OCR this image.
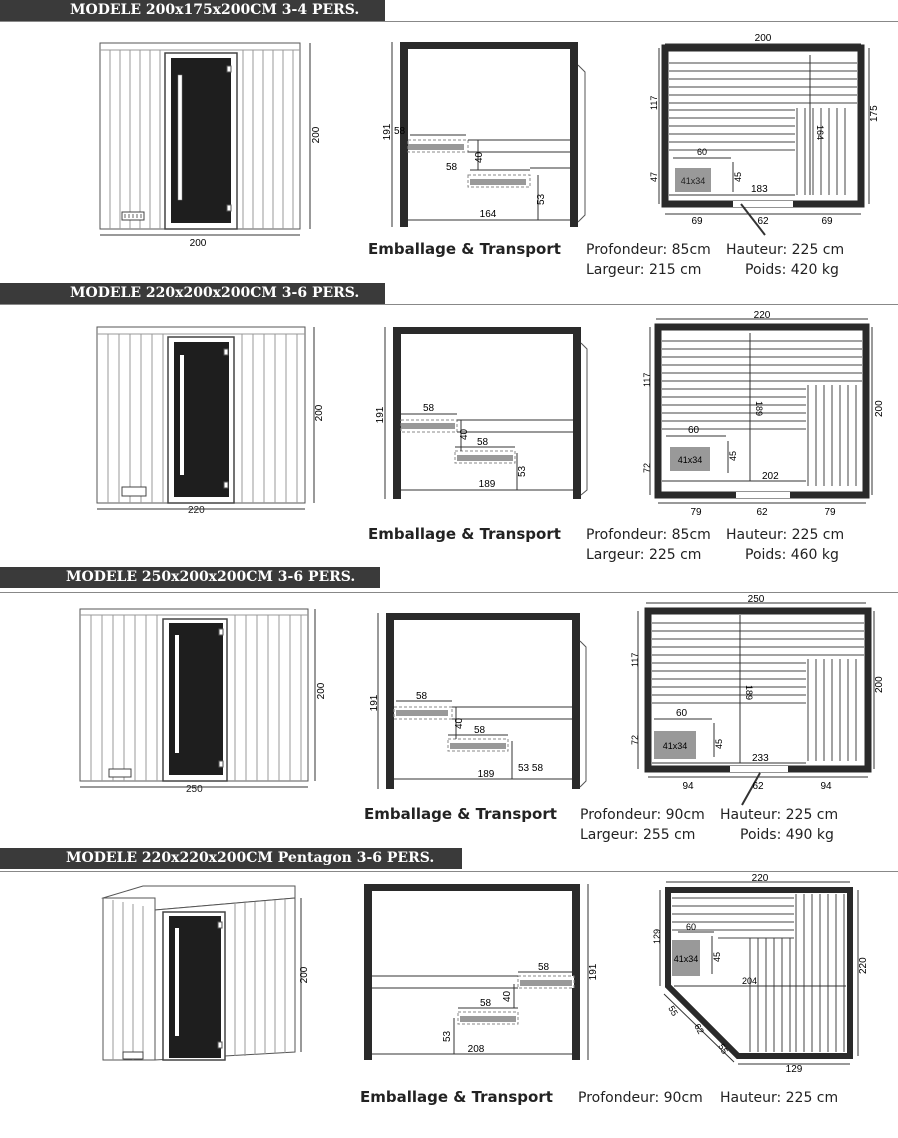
MODELE 200x175x200CM 3-4 PERS.
200
200	191 58
58
40
53
164
200
41x34
60
45
183
164
117
47
175
69	62	69
Emballage & Transport Profondeur: 85cm Hauteur: 225 cm
Largeur: 215 cm	Poids: 420 kg
MODELE 220x200x200CM 3-6 PERS.
200
220
191	58
58
40
53
189
220
41x34
60
45
202
189
117
72
200
79	62	79
Emballage & Transport Profondeur: 85cm Hauteur: 225 cm
Largeur: 225 cm	Poids: 460 kg
MODELE 250x200x200CM 3-6 PERS.
200
250
191	58
58
40
53 58
189
250
41x34
60
45
233
189
117
72
200
94	62	94
Emballage & Transport Profondeur: 90cm Hauteur: 225 cm
Largeur: 255 cm	Poids: 490 kg
MODELE 220x220x200CM Pentagon 3-6 PERS.
200	191
58
58
40
53
208
220
41x34
60
45
204
129
220
55
62
55
129
Emballage & Transport Profondeur: 90cm Hauteur: 225 cm
